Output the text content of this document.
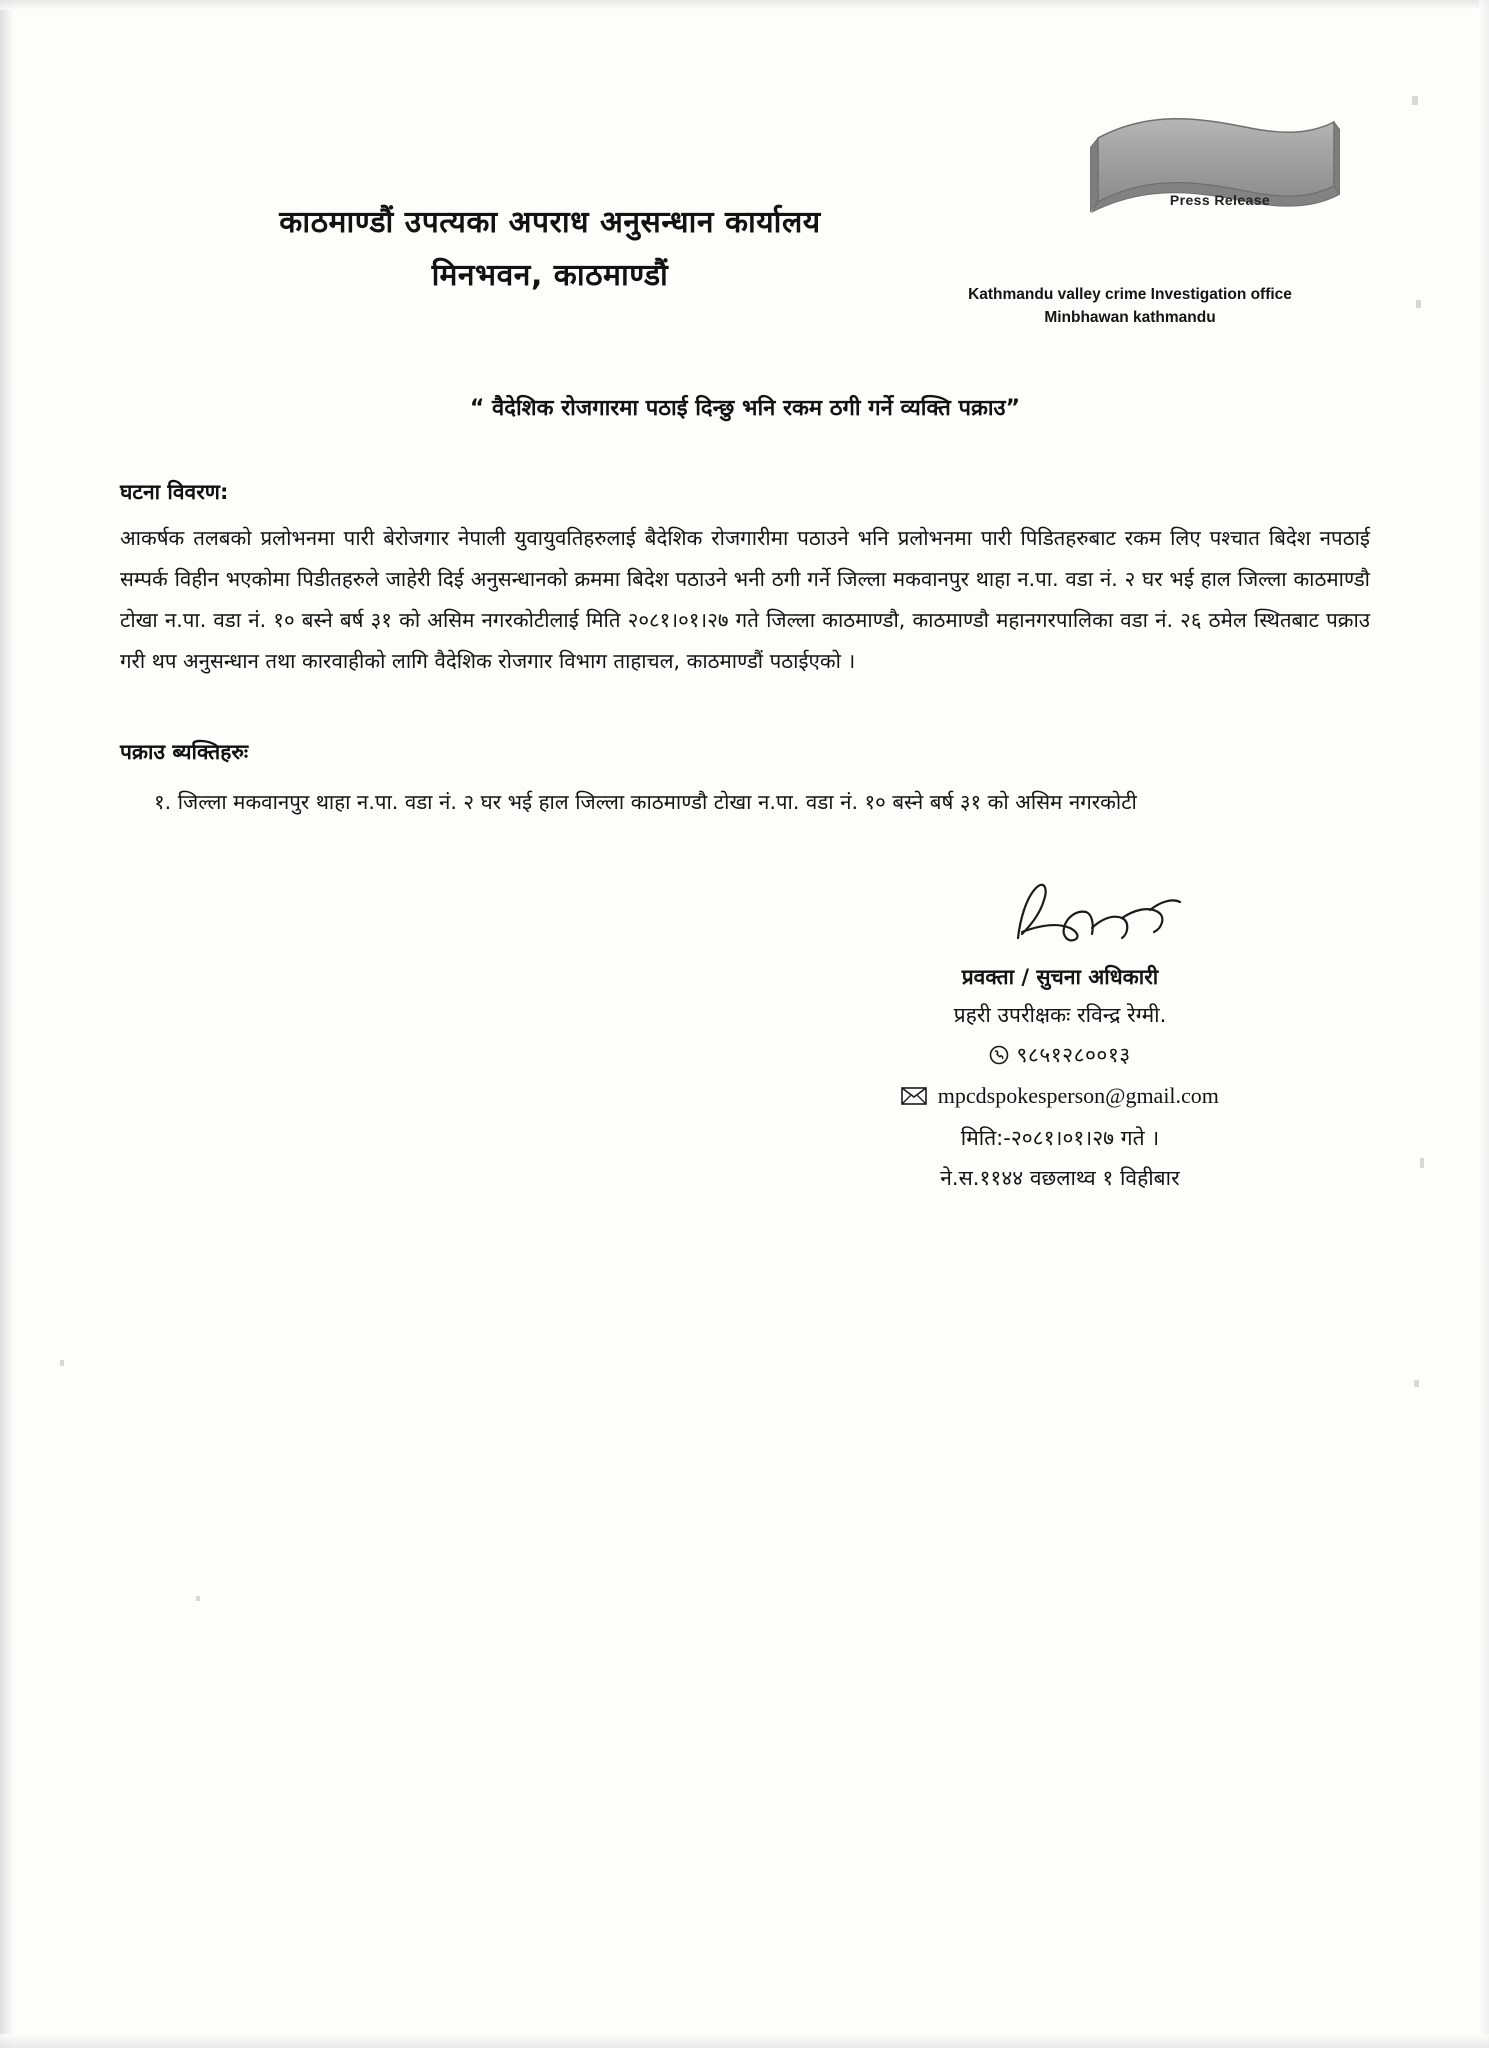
Press Release
काठमाण्डौं उपत्यका अपराध अनुसन्धान कार्यालय
मिनभवन, काठमाण्डौं
Kathmandu valley crime Investigation office
Minbhawan kathmandu
“ वैदेशिक रोजगारमा पठाई दिन्छु भनि रकम ठगी गर्ने व्यक्ति पक्राउ”
घटना विवरण:
आकर्षक तलबको प्रलोभनमा पारी बेरोजगार नेपाली युवायुवतिहरुलाई बैदेशिक रोजगारीमा पठाउने भनि प्रलोभनमा पारी पिडितहरुबाट रकम लिए पश्चात बिदेश नपठाई सम्पर्क विहीन भएकोमा पिडीतहरुले जाहेरी दिई अनुसन्धानको क्रममा बिदेश पठाउने भनी ठगी गर्ने जिल्ला मकवानपुर थाहा न.पा. वडा नं. २ घर भई हाल जिल्ला काठमाण्डौ टोखा न.पा. वडा नं. १० बस्ने बर्ष ३१ को असिम नगरकोटीलाई मिति २०८१।०१।२७ गते जिल्ला काठमाण्डौ, काठमाण्डौ महानगरपालिका वडा नं. २६ ठमेल स्थितबाट पक्राउ गरी थप अनुसन्धान तथा कारवाहीको लागि वैदेशिक रोजगार विभाग ताहाचल, काठमाण्डौं पठाईएको ।
पक्राउ ब्यक्तिहरुः
१. जिल्ला मकवानपुर थाहा न.पा. वडा नं. २ घर भई हाल जिल्ला काठमाण्डौ टोखा न.पा. वडा नं. १० बस्ने बर्ष ३१ को असिम नगरकोटी
प्रवक्ता / सुचना अधिकारी
प्रहरी उपरीक्षकः रविन्द्र रेग्मी.
९८५१२८००१३
mpcdspokesperson@gmail.com
मिति:-२०८१।०१।२७ गते ।
ने.स.११४४ वछलाथ्व १ विहीबार
